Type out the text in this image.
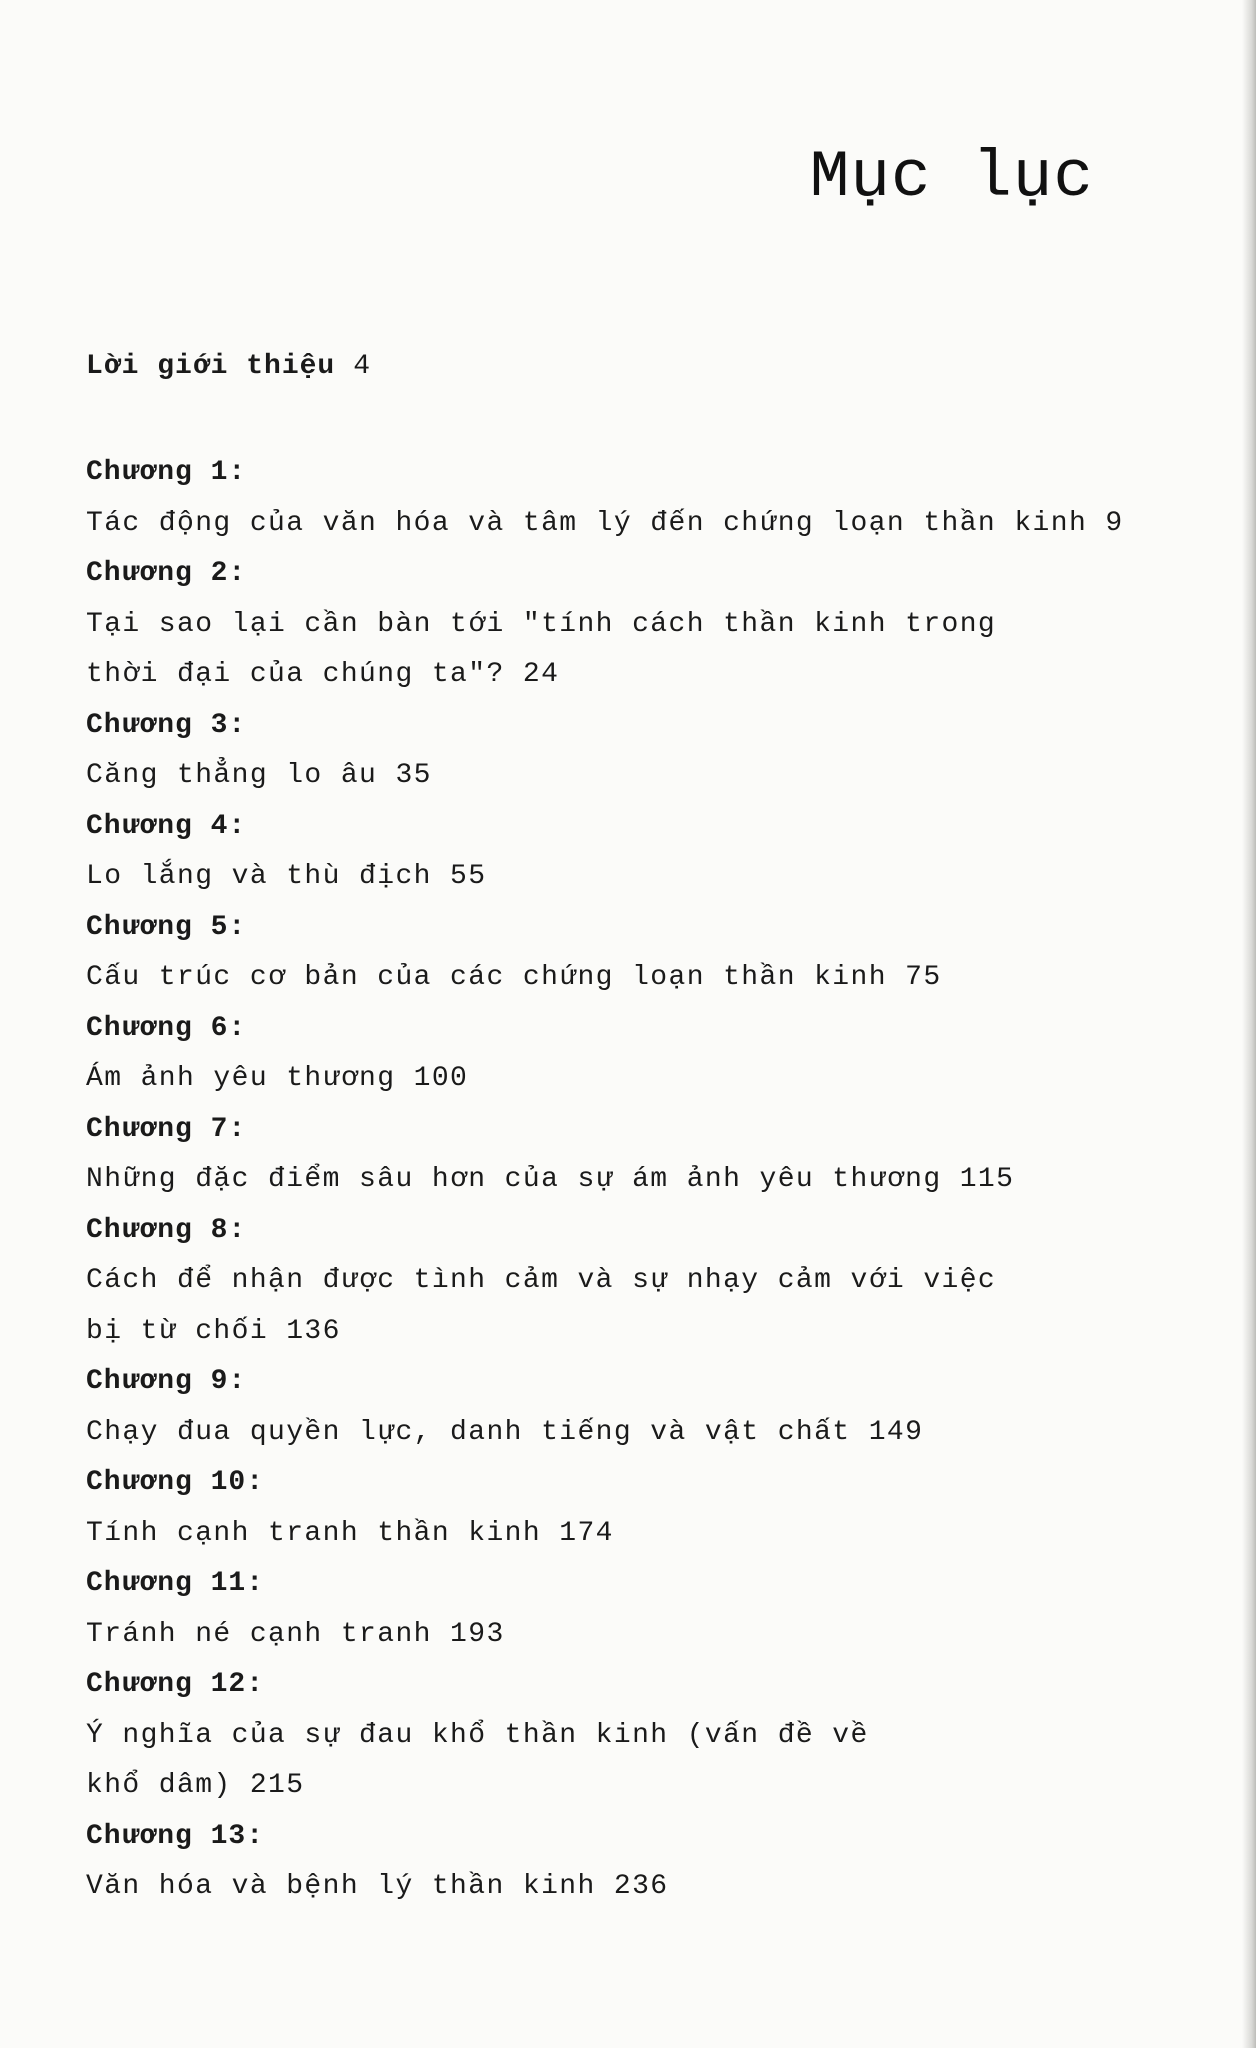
Mục lục
Lời giới thiệu 4
Chương 1:
Tác động của văn hóa và tâm lý đến chứng loạn thần kinh 9
Chương 2:
Tại sao lại cần bàn tới "tính cách thần kinh trong
thời đại của chúng ta"? 24
Chương 3:
Căng thẳng lo âu 35
Chương 4:
Lo lắng và thù địch 55
Chương 5:
Cấu trúc cơ bản của các chứng loạn thần kinh 75
Chương 6:
Ám ảnh yêu thương 100
Chương 7:
Những đặc điểm sâu hơn của sự ám ảnh yêu thương 115
Chương 8:
Cách để nhận được tình cảm và sự nhạy cảm với việc
bị từ chối 136
Chương 9:
Chạy đua quyền lực, danh tiếng và vật chất 149
Chương 10:
Tính cạnh tranh thần kinh 174
Chương 11:
Tránh né cạnh tranh 193
Chương 12:
Ý nghĩa của sự đau khổ thần kinh (vấn đề về
khổ dâm) 215
Chương 13:
Văn hóa và bệnh lý thần kinh 236
